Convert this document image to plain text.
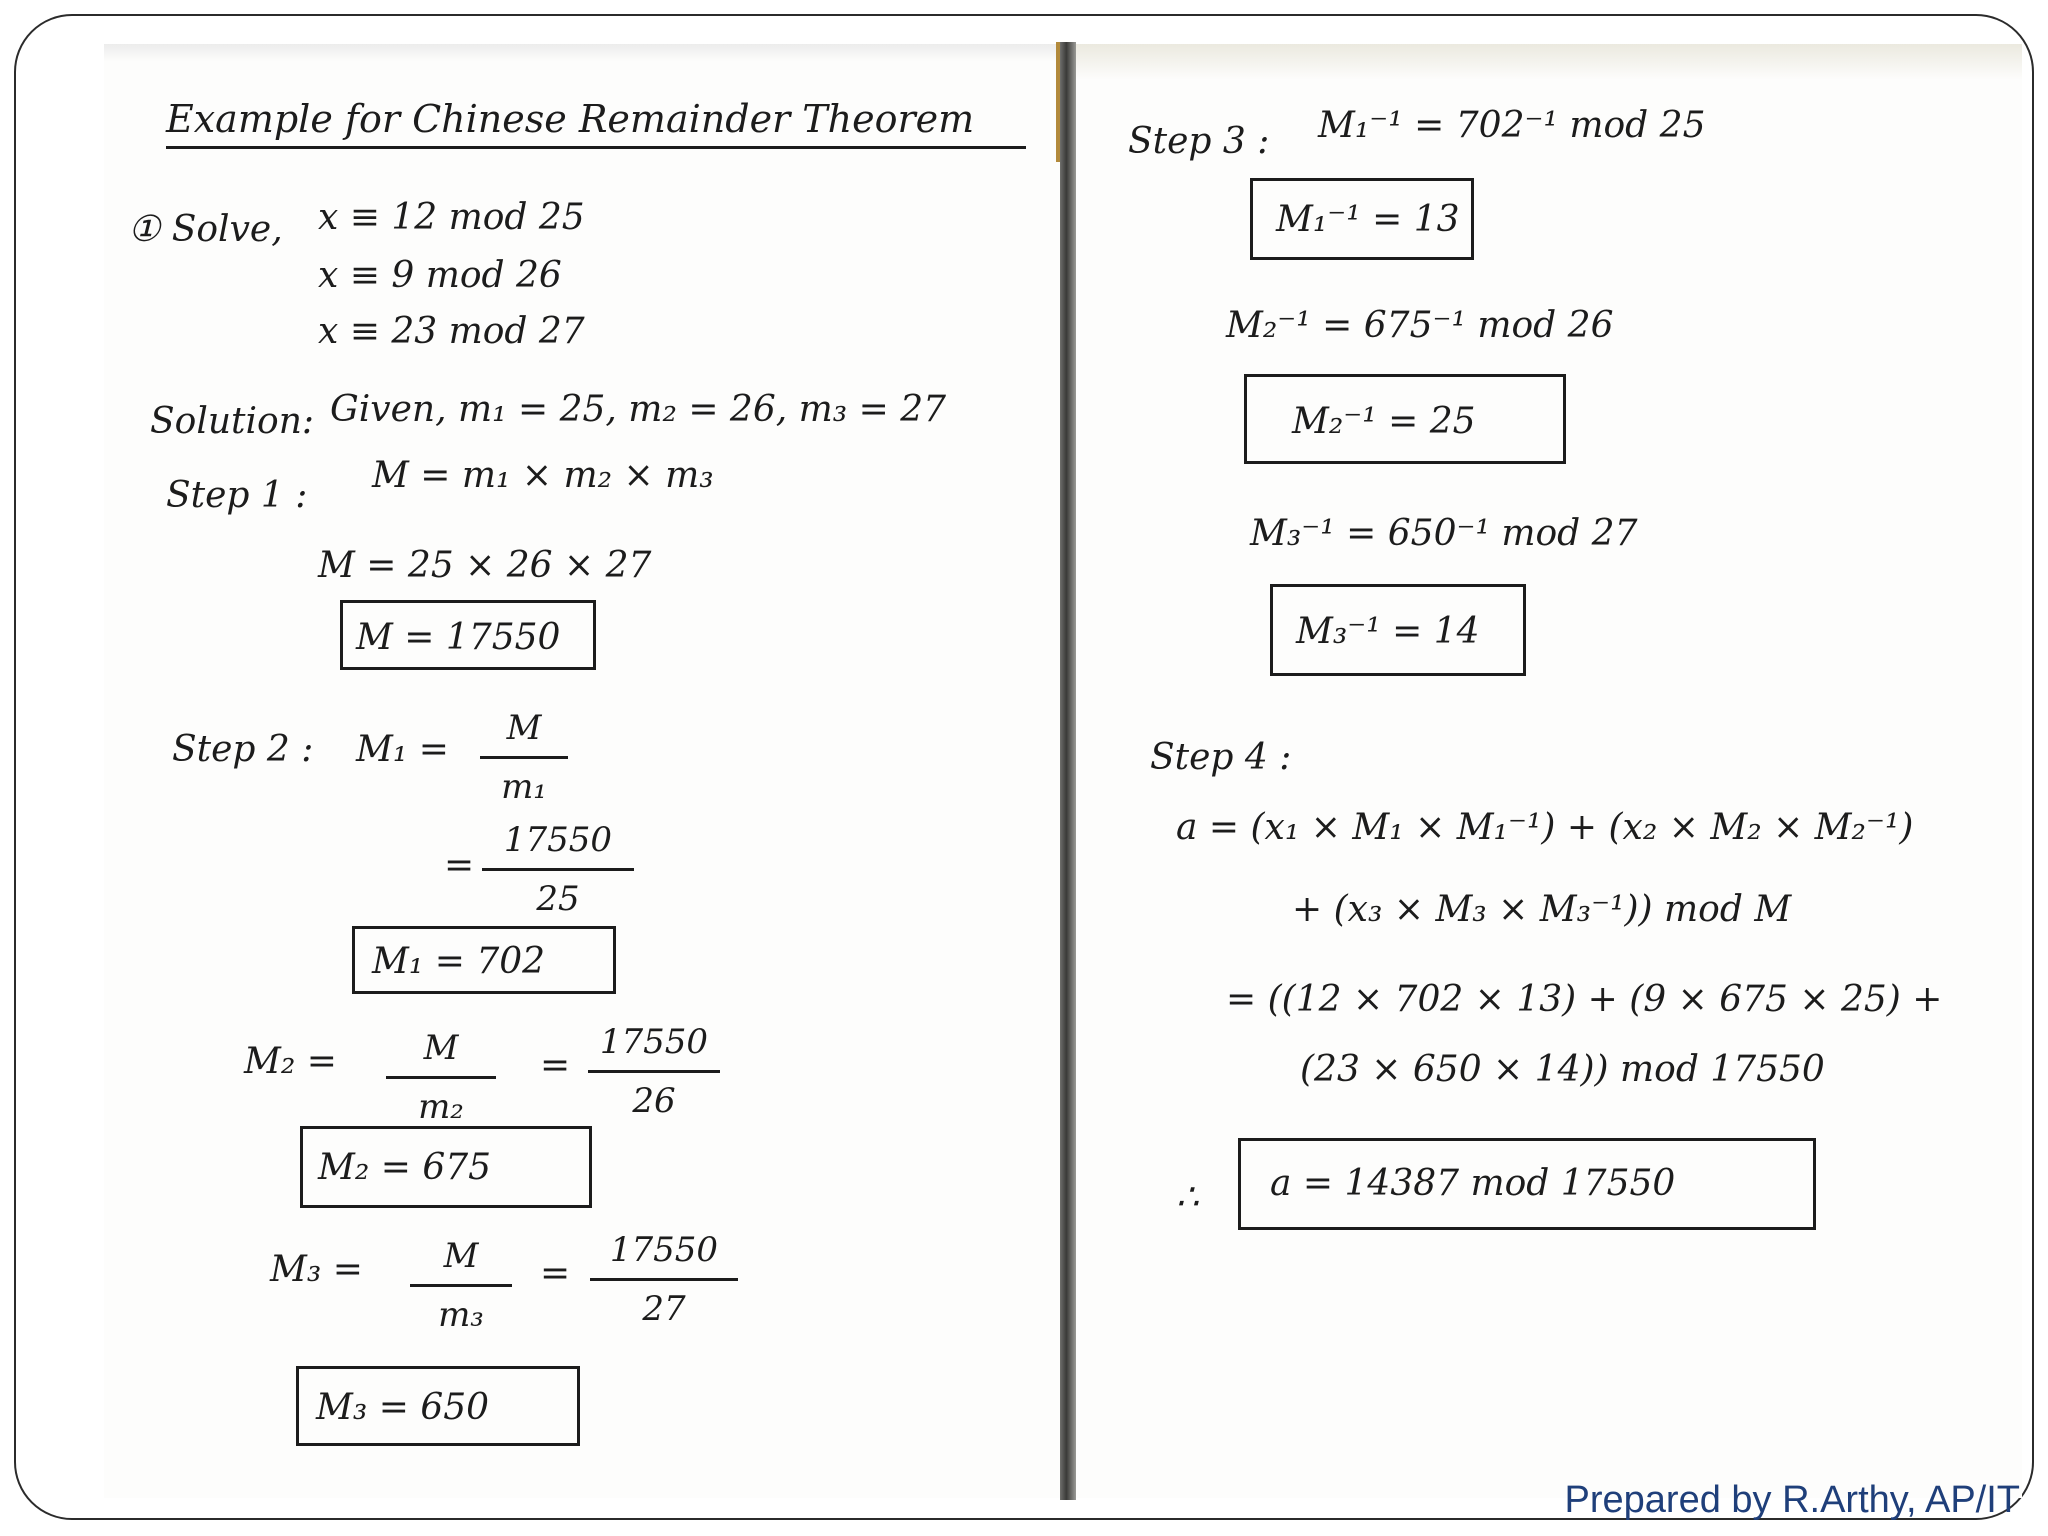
Example for Chinese Remainder Theorem
① Solve, x ≡ 12 mod 25
x ≡ 9 mod 26
x ≡ 23 mod 27
Solution: Given, m₁ = 25, m₂ = 26, m₃ = 27
Step 1 : M = m₁ × m₂ × m₃
M = 25 × 26 × 27
M = 17550
Step 2 : M₁ =
M
m₁
=
17550
25
M₁ = 702
M₂ =	M
m₂
=
17550
26
M₂ = 675
M₃ = M
m₃
=
17550
27
M₃ = 650
Step 3 : M₁⁻¹ = 702⁻¹ mod 25
M₁⁻¹ = 13
M₂⁻¹ = 675⁻¹ mod 26
M₂⁻¹ = 25
M₃⁻¹ = 650⁻¹ mod 27
M₃⁻¹ = 14
Step 4 :
a = (x₁ × M₁ × M₁⁻¹) + (x₂ × M₂ × M₂⁻¹)
+ (x₃ × M₃ × M₃⁻¹)) mod M
= ((12 × 702 × 13) + (9 × 675 × 25) +
(23 × 650 × 14)) mod 17550
∴ a = 14387 mod 17550
Prepared by R.Arthy, AP/IT
